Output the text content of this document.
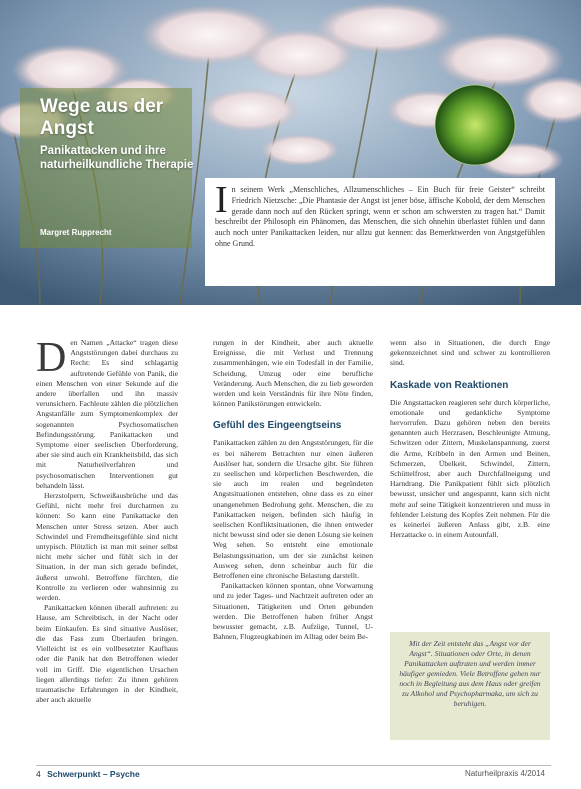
Wege aus der
Angst
Panikattacken und ihre naturheilkundliche Therapie
Margret Rupprecht
I n seinem Werk „Menschliches, Allzumenschliches – Ein Buch für freie Geister“ schreibt Friedrich Nietzsche: „Die Phantasie der Angst ist jener böse, äffische Kobold, der dem Menschen gerade dann noch auf den Rücken springt, wenn er schon am schwersten zu tragen hat.“ Damit beschreibt der Philosoph ein Phänomen, das Menschen, die sich ohnehin überlastet fühlen und dann auch noch unter Panikattacken leiden, nur allzu gut kennen: das Bemerktwerden von Angstgefühlen ohne Grund.

Den Namen „Attacke“ tragen diese Angststörungen dabei durchaus zu Recht: Es sind schlagartig auftretende Gefühle von Panik, die einen Menschen von einer Sekunde auf die andere überfallen und ihn massiv verunsichern. Fachleute zählen die plötzlichen Angstanfälle zum Symptomenkomplex der sogenannten Psychosomatischen Befindungsstörung. Panikattacken und Symptome einer seelischen Überforderung, aber sie sind auch ein Krankheitsbild, das sich mit Naturheilverfahren und psychosomatischen Interventionen gut behandeln lässt.

Herzstolpern, Schweißausbrüche und das Gefühl, nicht mehr frei durchatmen zu können: So kann eine Panikattacke den Menschen unter Stress setzen. Aber auch Schwindel und Fremdheitsgefühle sind nicht untypisch. Plötzlich ist man mit seiner selbst nicht mehr sicher und fühlt sich in der Situation, in der man sich gerade befindet, äußerst unwohl. Betroffene fürchten, die Kontrolle zu verlieren oder wahnsinnig zu werden.

Panikattacken können überall auftreten: zu Hause, am Schreibtisch, in der Nacht oder beim Einkaufen. Es sind situative Auslöser, die das Fass zum Überlaufen bringen. Vielleicht ist es ein vollbesetzter Kaufhaus oder die Panik hat den Betroffenen wieder voll im Griff. Die eigentlichen Ursachen liegen allerdings tiefer: Zu ihnen gehören traumatische Erfahrungen in der Kindheit, aber auch aktuelle

rungen in der Kindheit, aber auch aktuelle Ereignisse, die mit Verlust und Trennung zusammenhängen, wie ein Todesfall in der Familie, Scheidung, Umzug oder eine berufliche Veränderung. Auch Menschen, die zu lieb geworden werden und kein Verständnis für ihre Nöte finden, können Panikstörungen entwickeln.

Gefühl des Eingeengtseins

Panikattacken zählen zu den Angststörungen, für die es bei näherem Betrachten nur einen äußeren Auslöser hat, sondern die Ursache gibt. Sie führen zu seelischen und körperlichen Beschwerden, die sie auch im realen und begründeten Angstsituationen entstehen, ohne dass es zu einer unangenehmen Bedrohung geht. Menschen, die zu Panikattacken neigen, befinden sich häufig in seelischen Konfliktsituationen, die ihnen entweder nicht bewusst sind oder sie denen Lösung sie keinen Weg sehen. So entsteht eine emotionale Belastungssituation, um der sie zunächst keinen Ausweg sehen, denn scheinbar auch für die Betroffenen eine chronische Belastung darstellt.

Panikattacken können spontan, ohne Vorwarnung und zu jeder Tages- und Nachtzeit auftreten oder an Situationen, Tätigkeiten und Orten gebunden werden. Die Betroffenen haben früher Angst bewusster gemacht, z.B. Aufzüge, Tunnel, U-Bahnen, Flugzeugkabinen im Alltag oder beim Be-

wenn also in Situationen, die durch Enge gekennzeichnet sind und schwer zu kontrollieren sind.

Kaskade von Reaktionen

Die Angstattacken reagieren sehr durch körperliche, emotionale und gedankliche Symptome hervorrufen. Dazu gehören neben den bereits genannten auch Herzrasen, Beschleunigte Atmung, Schwitzen oder Zittern, Muskelanspannung, zuerst die Arme, Kribbeln in den Armen und Beinen, Schmerzen, Übelkeit, Schwindel, Zittern, Schüttelfrost, aber auch Durchfallneigung und Harndrang. Die Panikpatient fühlt sich plötzlich bewusst, unsicher und angespannt, kann sich nicht mehr auf seine Tätigkeit konzentrieren und muss in fehlender Leistung des Kopfes Zeit nehmen. Für die es keinerlei äußeren Anlass gibt, z.B. eine Herzattacke o. in einem Autounfall.

Mit der Zeit entsteht das „Angst vor der Angst“. Situationen oder Orte, in denen Panikattacken auftraten und werden immer häufiger gemieden. Viele Betroffene gehen nur noch in Begleitung aus dem Haus oder greifen zu Alkohol und Psychopharmaka, um sich zu beruhigen.
4 Schwerpunkt – Psyche	Naturheilpraxis 4/2014
